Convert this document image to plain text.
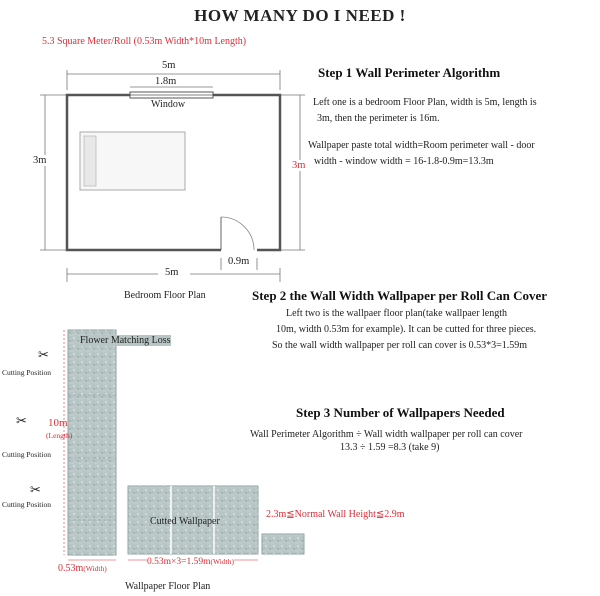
HOW MANY DO I NEED !
5.3 Square Meter/Roll (0.53m Width*10m Length)
5m
1.8m
Window
3m	3m
0.9m
5m
Bedroom Floor Plan
Step 1 Wall Perimeter Algorithm
Left one is a bedroom Floor Plan, width is 5m, length is
3m, then the perimeter is 16m.
Wallpaper paste total width=Room perimeter wall - door
width - window width = 16-1.8-0.9m=13.3m
Step 2 the Wall Width Wallpaper per Roll Can Cover
Left two is the wallpaer floor plan(take wallpaer length
10m, width 0.53m for example). It can be cutted for three pieces.
So the wall width wallpaper per roll can cover is 0.53*3=1.59m
Step 3 Number of Wallpapers Needed
Wall Perimeter Algorithm ÷ Wall width wallpaper per roll can cover
13.3 ÷ 1.59 =8.3 (take 9)
Flower Matching Loss
✂
Cutting Position
✂ 10m
(Length)
Cutting Position
✂
Cutting Position
0.53m(Width)
Cutted Wallpaper
0.53m×3=1.59m(Width)
2.3m≦Normal Wall Height≦2.9m
Wallpaper Floor Plan
